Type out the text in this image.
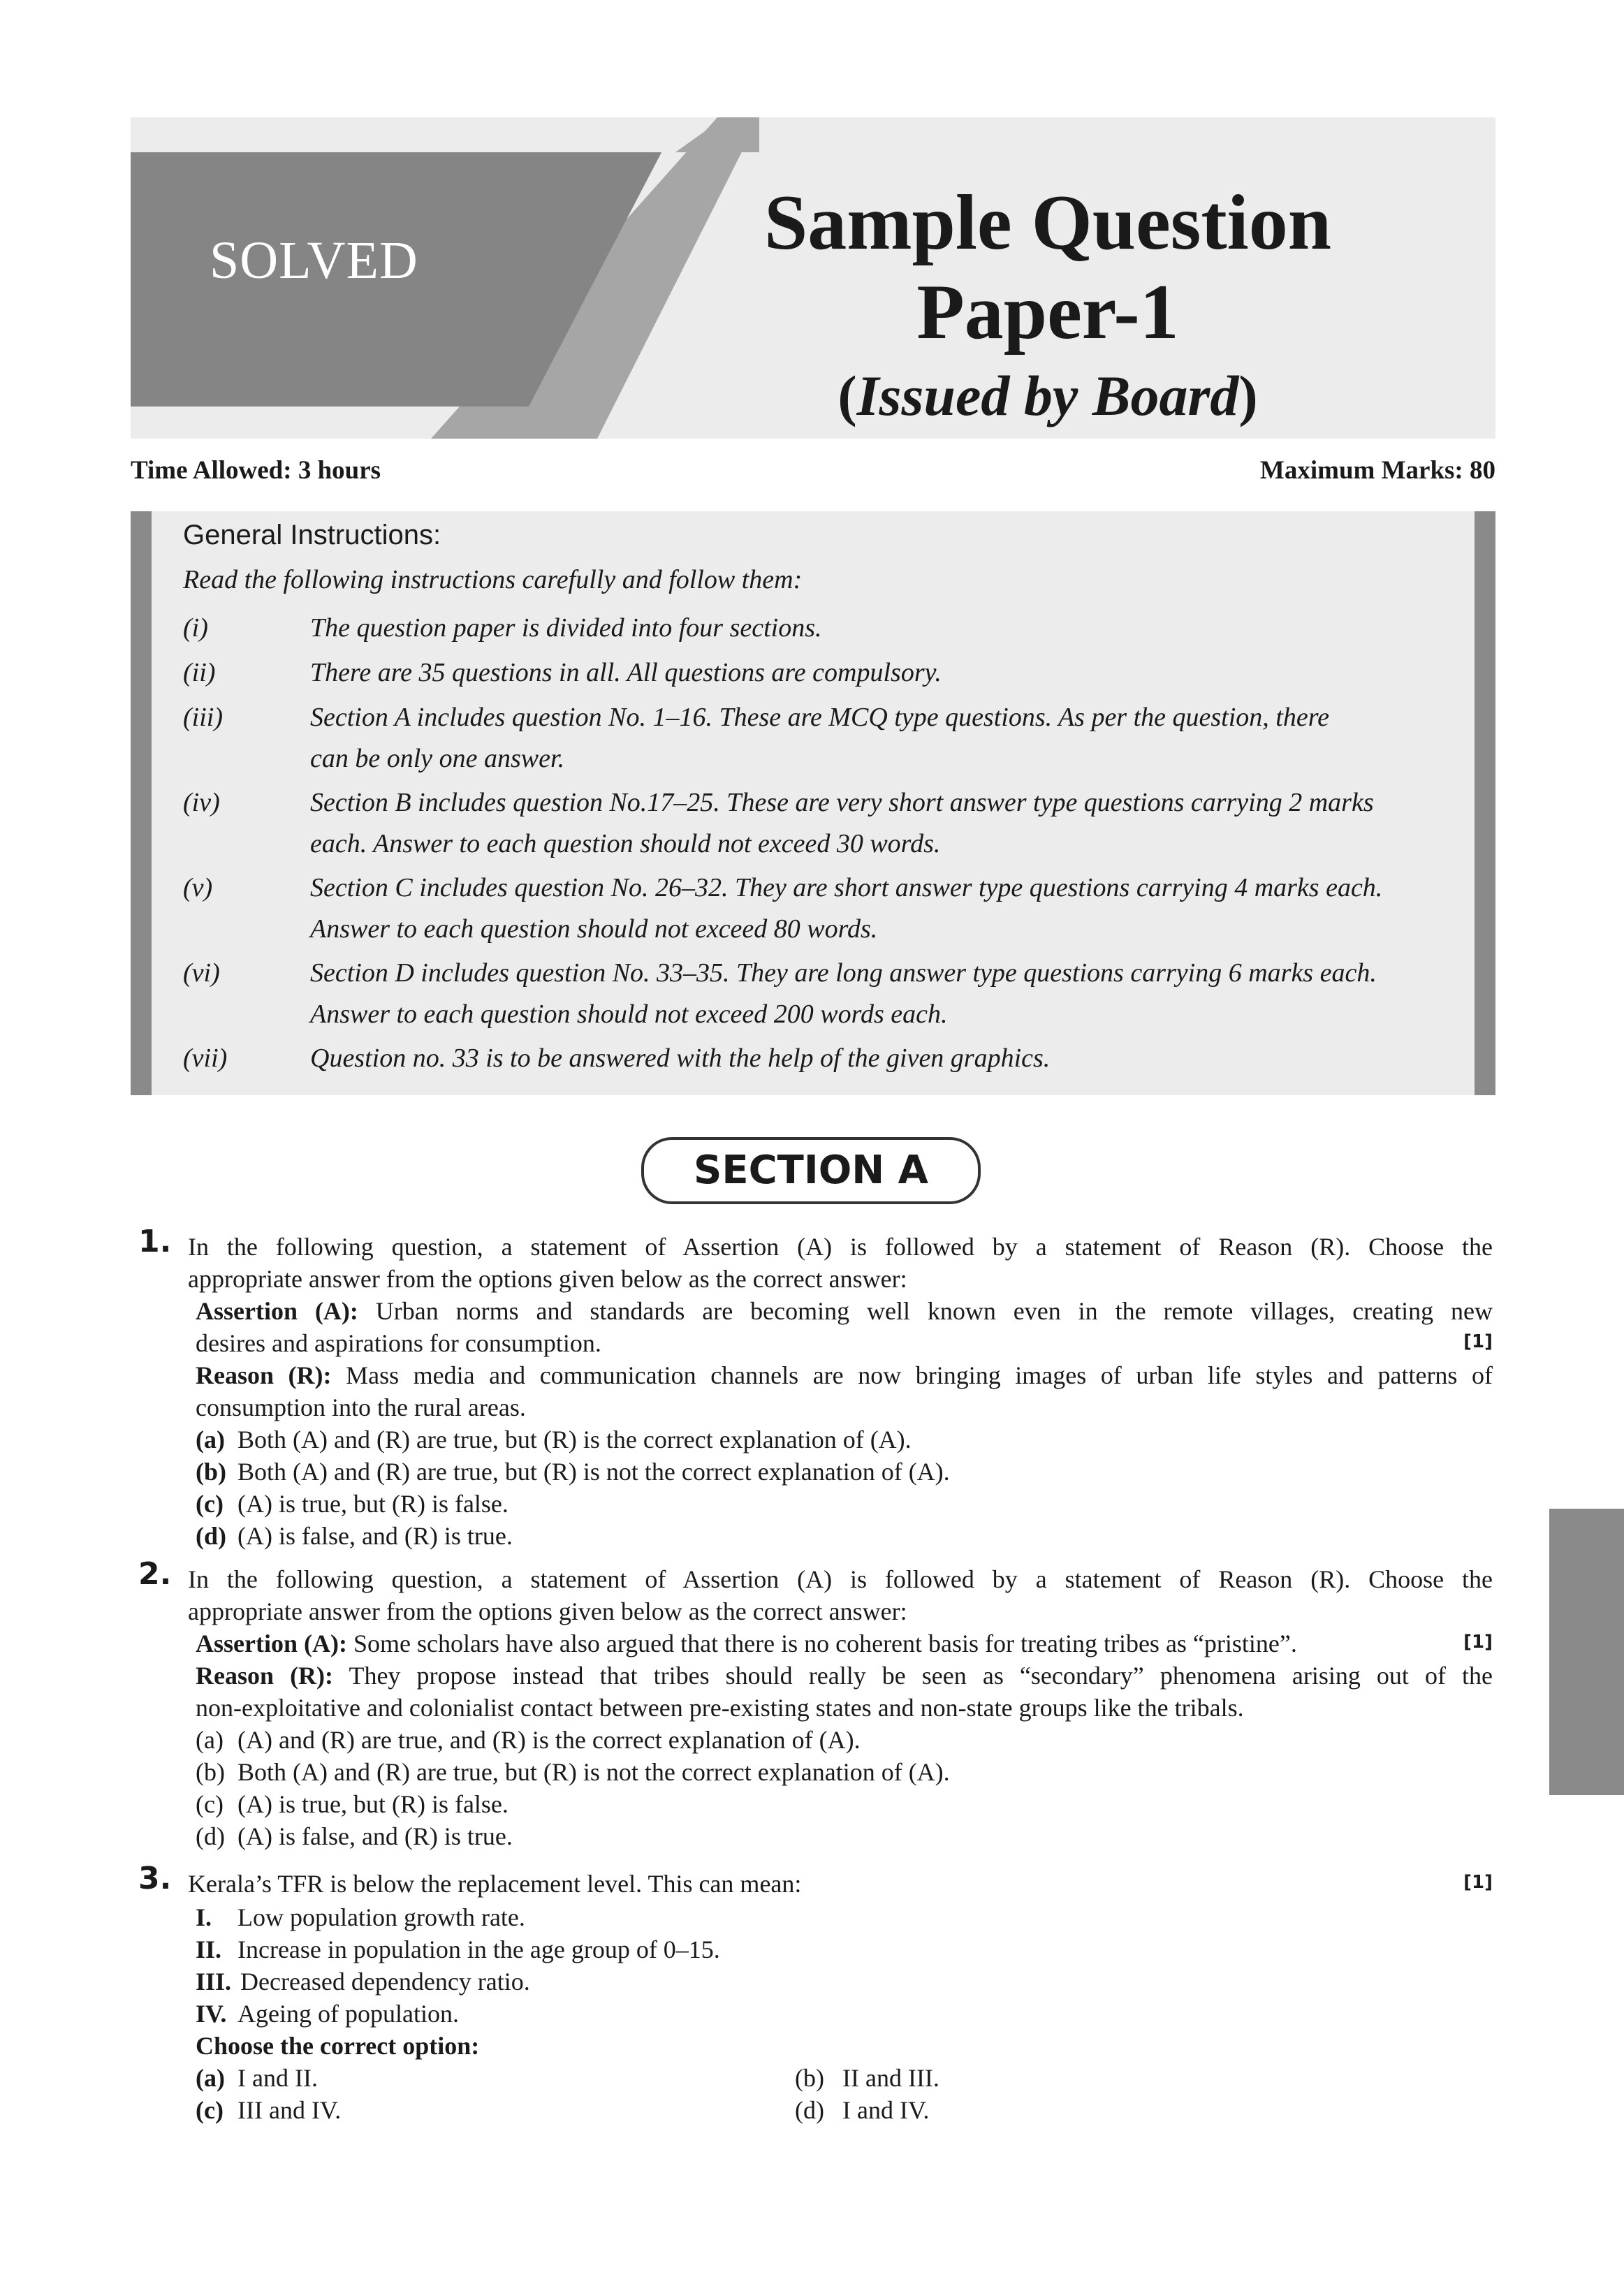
SOLVED	Sample Question
Paper-1
(Issued by Board)
Time Allowed: 3 hours	Maximum Marks: 80
General Instructions:
Read the following instructions carefully and follow them:
(i)	The question paper is divided into four sections.
(ii)	There are 35 questions in all. All questions are compulsory.
(iii)	Section A includes question No. 1–16. These are MCQ type questions. As per the question, there
can be only one answer.
(iv)	Section B includes question No.17–25. These are very short answer type questions carrying 2 marks
each. Answer to each question should not exceed 30 words.
(v)	Section C includes question No. 26–32. They are short answer type questions carrying 4 marks each.
Answer to each question should not exceed 80 words.
(vi)	Section D includes question No. 33–35. They are long answer type questions carrying 6 marks each.
Answer to each question should not exceed 200 words each.
(vii)	Question no. 33 is to be answered with the help of the given graphics.
SECTION A
1. In the following question, a statement of Assertion (A) is followed by a statement of Reason (R). Choose the
appropriate answer from the options given below as the correct answer:
Assertion (A): Urban norms and standards are becoming well known even in the remote villages, creating new
desires and aspirations for consumption.	[1]
Reason (R): Mass media and communication channels are now bringing images of urban life styles and patterns of
consumption into the rural areas.
(a) Both (A) and (R) are true, but (R) is the correct explanation of (A).
(b) Both (A) and (R) are true, but (R) is not the correct explanation of (A).
(c) (A) is true, but (R) is false.
(d) (A) is false, and (R) is true.
2. In the following question, a statement of Assertion (A) is followed by a statement of Reason (R). Choose the
appropriate answer from the options given below as the correct answer:
Assertion (A): Some scholars have also argued that there is no coherent basis for treating tribes as “pristine”.	[1]
Reason (R): They propose instead that tribes should really be seen as “secondary” phenomena arising out of the
non-exploitative and colonialist contact between pre-existing states and non-state groups like the tribals.
(a) (A) and (R) are true, and (R) is the correct explanation of (A).
(b) Both (A) and (R) are true, but (R) is not the correct explanation of (A).
(c) (A) is true, but (R) is false.
(d) (A) is false, and (R) is true.
3. Kerala’s TFR is below the replacement level. This can mean:	[1]
I. Low population growth rate.
II. Increase in population in the age group of 0–15.
III. Decreased dependency ratio.
IV. Ageing of population.
Choose the correct option:
(a) I and II.	(b) II and III.
(c) III and IV.	(d) I and IV.
